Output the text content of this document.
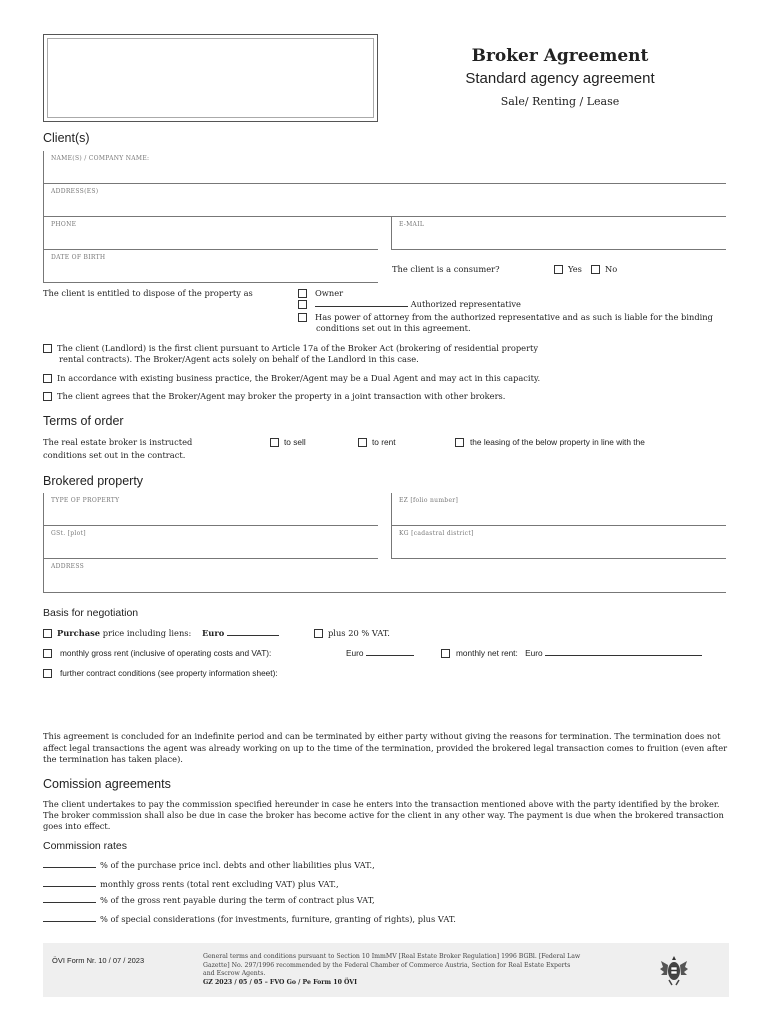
Broker Agreement
Standard agency agreement
Sale/ Renting / Lease
Client(s)
NAME(S) / COMPANY NAME:
ADDRESS(ES)
PHONE	E-MAIL
DATE OF BIRTH
The client is a consumer?	Yes	No
The client is entitled to dispose of the property as	Owner
Authorized representative
Has power of attorney from the authorized representative and as such is liable for the binding
conditions set out in this agreement.
The client (Landlord) is the first client pursuant to Article 17a of the Broker Act (brokering of residential property
rental contracts). The Broker/Agent acts solely on behalf of the Landlord in this case.
In accordance with existing business practice, the Broker/Agent may be a Dual Agent and may act in this capacity.
The client agrees that the Broker/Agent may broker the property in a joint transaction with other brokers.
Terms of order
The real estate broker is instructed
conditions set out in the contract.
to sell	to rent	the leasing of the below property in line with the
Brokered property
TYPE OF PROPERTY	EZ [folio number]
GSt. [plot]	KG [cadastral district]
ADDRESS
Basis for negotiation
Purchase price including liens: Euro	plus 20 % VAT.
monthly gross rent (inclusive of operating costs and VAT):	Euro	monthly net rent: Euro
further contract conditions (see property information sheet):
This agreement is concluded for an indefinite period and can be terminated by either party without giving the reasons for termination. The termination does not affect legal transactions the agent was already working on up to the time of the termination, provided the brokered legal transaction comes to fruition (even after the termination has taken place).
Comission agreements
The client undertakes to pay the commission specified hereunder in case he enters into the transaction mentioned above with the party identified by the broker. The broker commission shall also be due in case the broker has become active for the client in any other way. The payment is due when the brokered transaction goes into effect.
Commission rates
% of the purchase price incl. debts and other liabilities plus VAT.,
monthly gross rents (total rent excluding VAT) plus VAT.,
% of the gross rent payable during the term of contract plus VAT,
% of special considerations (for investments, furniture, granting of rights), plus VAT.
ÖVI Form Nr. 10 / 07 / 2023	General terms and conditions pursuant to Section 10 ImmMV [Real Estate Broker Regulation] 1996 BGBl. [Federal Law
Gazette] No. 297/1996 recommended by the Federal Chamber of Commerce Austria, Section for Real Estate Experts
and Escrow Agents.
GZ 2023 / 05 / 05 – FVO Go / Pe Form 10 ÖVI
